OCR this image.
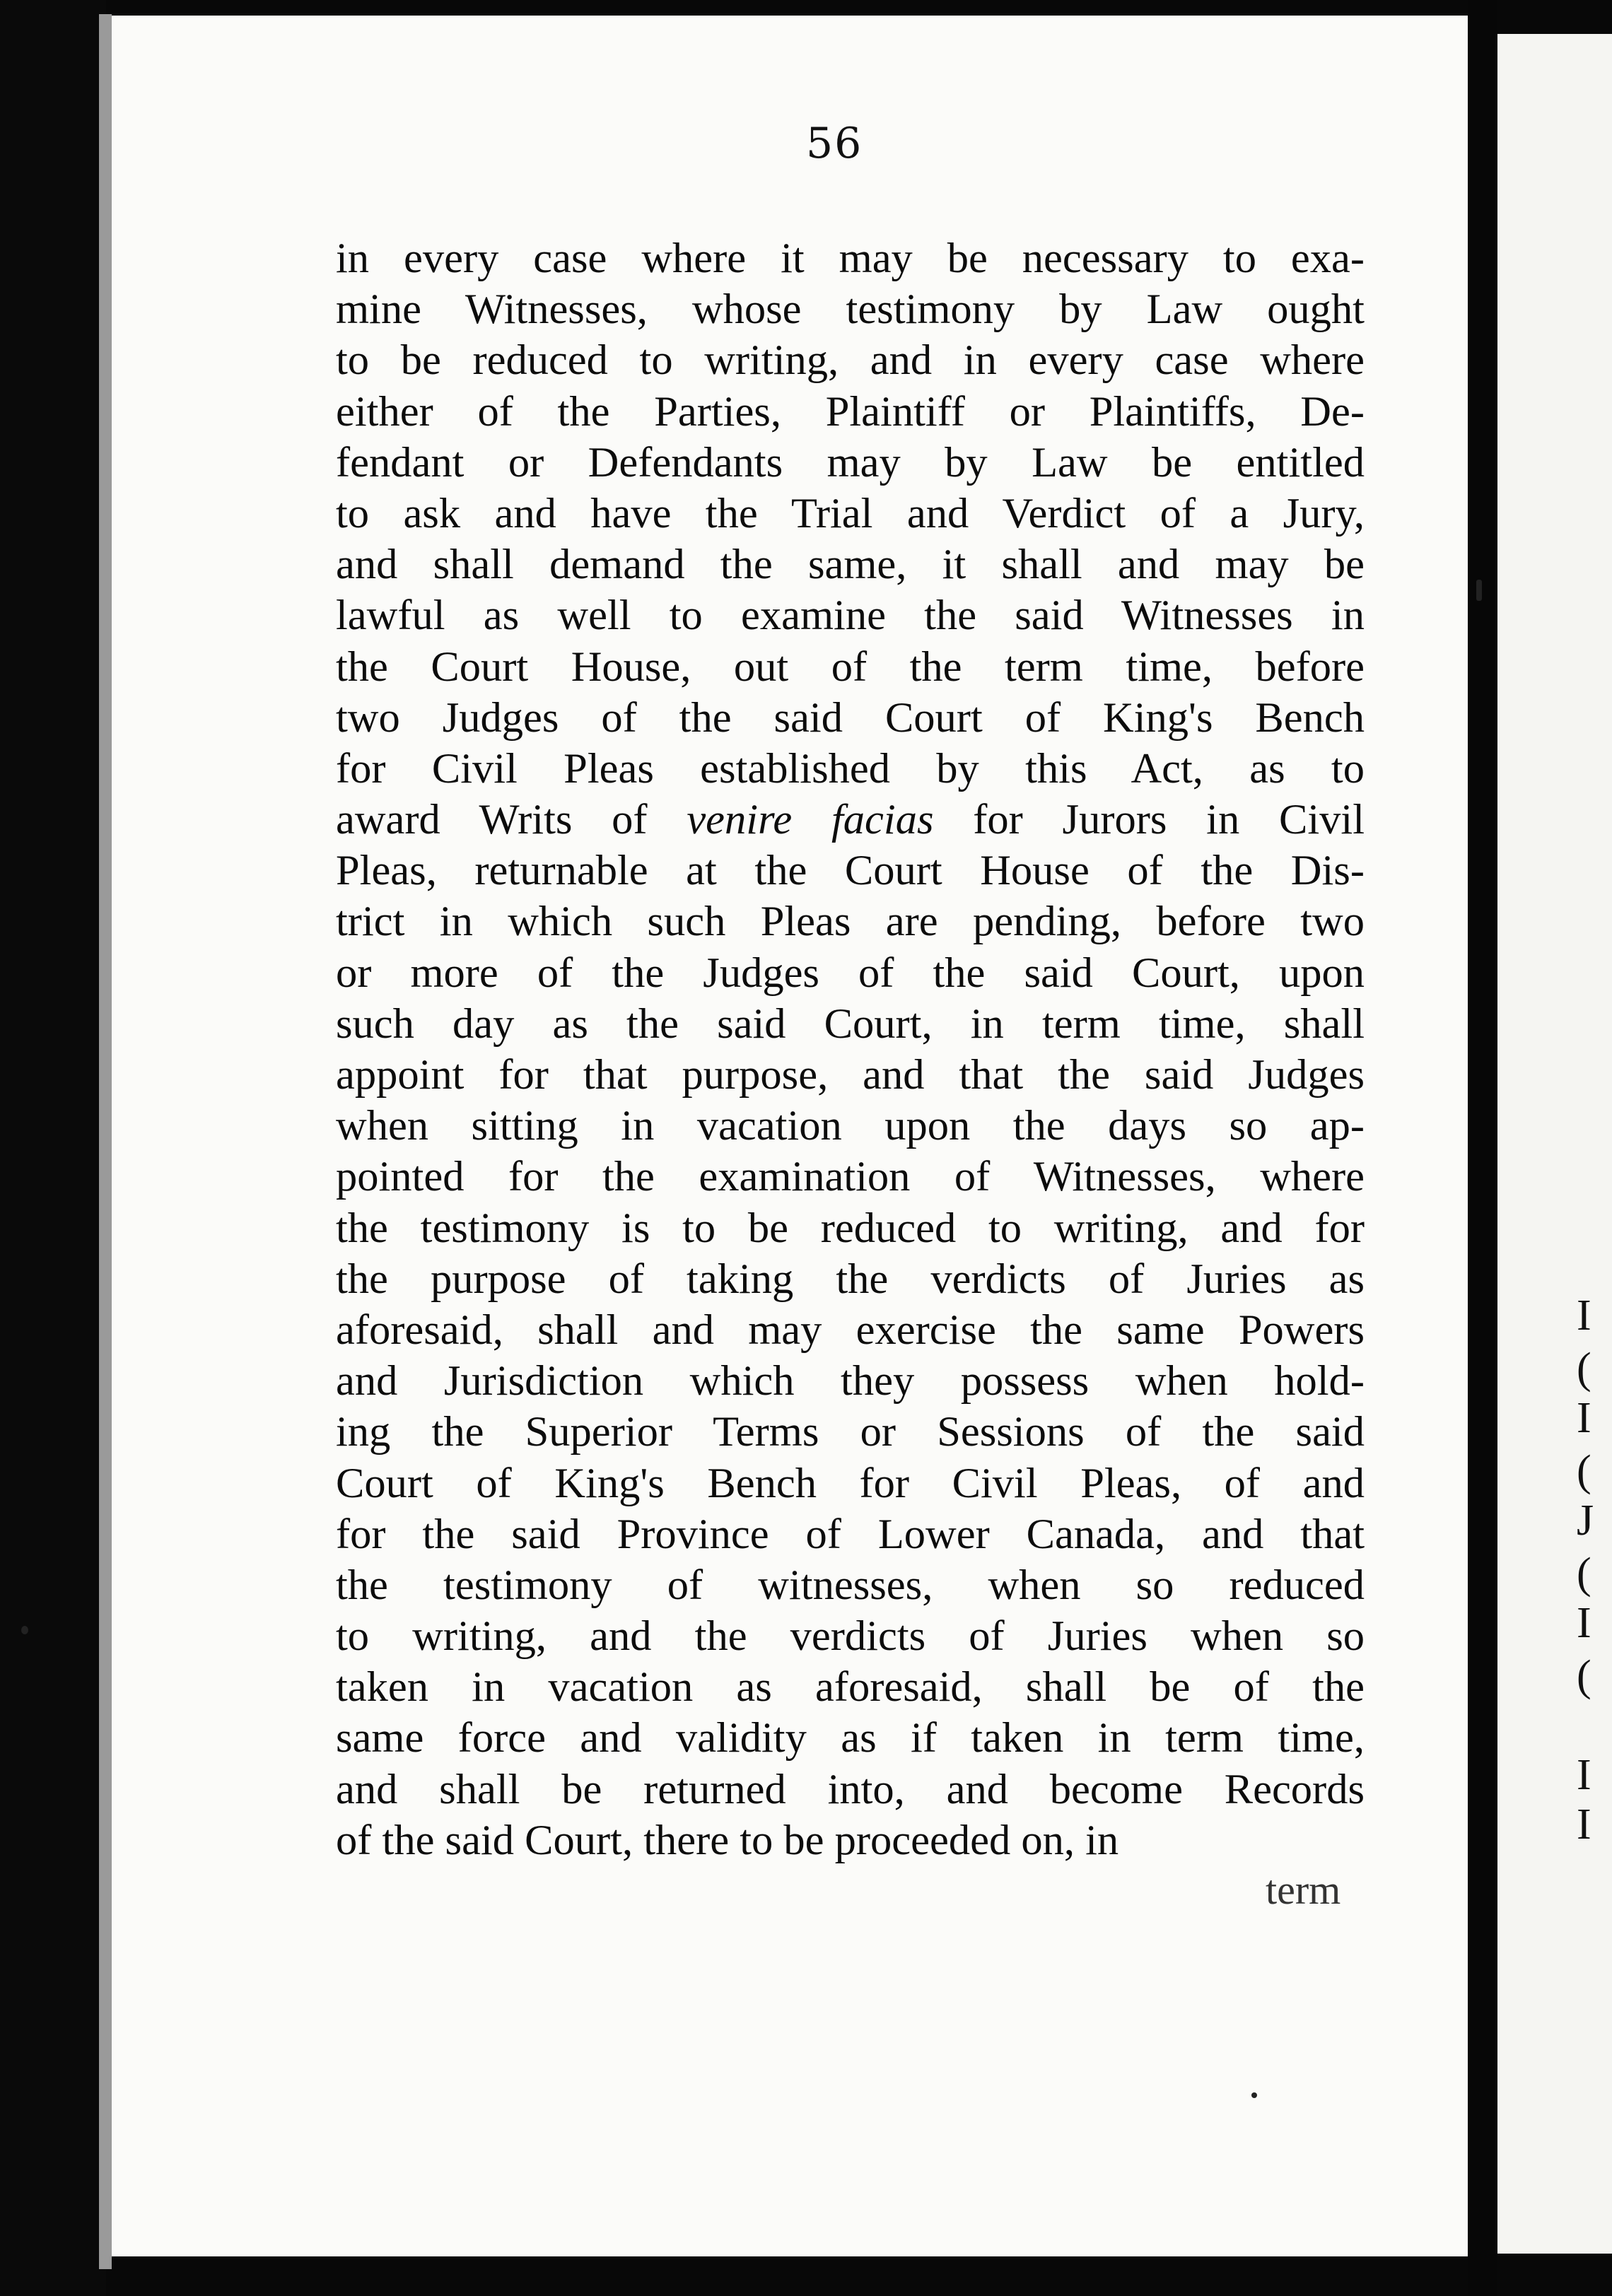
56
in every case where it may be necessary to exa-
mine Witnesses, whose testimony by Law ought
to be reduced to writing, and in every case where
either of the Parties, Plaintiff or Plaintiffs, De-
fendant or Defendants may by Law be entitled
to ask and have the Trial and Verdict of a Jury,
and shall demand the same, it shall and may be
lawful as well to examine the said Witnesses in
the Court House, out of the term time, before
two Judges of the said Court of King's Bench
for Civil Pleas established by this Act, as to
award Writs of venire facias for Jurors in Civil
Pleas, returnable at the Court House of the Dis-
trict in which such Pleas are pending, before two
or more of the Judges of the said Court, upon
such day as the said Court, in term time, shall
appoint for that purpose, and that the said Judges
when sitting in vacation upon the days so ap-
pointed for the examination of Witnesses, where
the testimony is to be reduced to writing, and for
the purpose of taking the verdicts of Juries as
aforesaid, shall and may exercise the same Powers
and Jurisdiction which they possess when hold-
ing the Superior Terms or Sessions of the said
Court of King's Bench for Civil Pleas, of and
for the said Province of Lower Canada, and that
the testimony of witnesses, when so reduced
to writing, and the verdicts of Juries when so
taken in vacation as aforesaid, shall be of the
same force and validity as if taken in term time,
and shall be returned into, and become Records
of the said Court, there to be proceeded on, in
term
I
(
I
(
J
(
I
(
I
I
